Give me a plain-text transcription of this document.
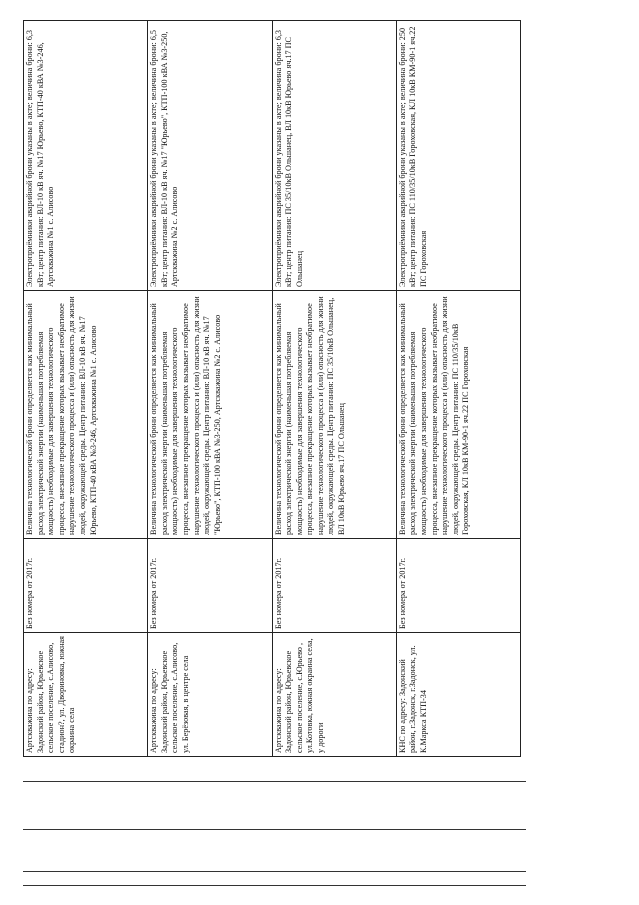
Артскважина по адресу: Задонский район, Юрьевское сельское поселение, с.Алисово, стадион?, ул. Двориновка, южная окраина села	Без номера от 2017г.	Величина технологической брони определяется как минимальный расход электрической энергии (наименьшая потребляемая мощность) необходимые для завершения технологического процесса, внезапное прекращение которых вызывает необратимое нарушение технологического процесса и (или) опасность для жизни людей, окружающей среды. Центр питания: ВЛ-10 кВ яч. №17 Юрьево, КТП-40 кВА №3-246, Артскважина №1 с. Алисово	Электроприёмники аварийной брони указаны в акте; величина брони: 6,3 кВт; центр питания: ВЛ-10 кВ яч. №17 Юрьево, КТП-40 кВА №3-246, Артскважина №1 с. Алисово
Артскважина по адресу: Задонский район, Юрьевское сельское поселение, с.Алисово, ул. Берёзовая, в центре села	Без номера от 2017г.	Величина технологической брони определяется как минимальный расход электрической энергии (наименьшая потребляемая мощность) необходимые для завершения технологического процесса, внезапное прекращение которых вызывает необратимое нарушение технологического процесса и (или) опасность для жизни людей, окружающей среды. Центр питания: ВЛ-10 кВ яч. №17 "Юрьево", КТП-100 кВА №3-250, Артскважина №2 с. Алисово	Электроприёмники аварийной брони указаны в акте; величина брони: 6,5 кВт; центр питания: ВЛ-10 кВ яч. №17 "Юрьево", КТП-100 кВА №3-250, Артскважина №2 с. Алисово
Артскважина по адресу: Задонский район, Юрьевское сельское поселение, с.Юрьево , ул.Котовка, южная окраина села, у дороги	Без номера от 2017г.	Величина технологической брони определяется как минимальный расход электрической энергии (наименьшая потребляемая мощность) необходимые для завершения технологического процесса, внезапное прекращение которых вызывает необратимое нарушение технологического процесса и (или) опасность для жизни людей, окружающей среды. Центр питания: ПС 35/10кВ Ольшанец, ВЛ 10кВ Юрьево яч.17 ПС Ольшанец	Электроприёмники аварийной брони указаны в акте; величина брони: 6,3 кВт; центр питания: ПС 35/10кВ Ольшанец, ВЛ 10кВ Юрьево яч.17 ПС Ольшанец
КНС по адресу: Задонский район, г.Задонск, г.Задонск, ул. К.Маркса КТП-34	Без номера от 2017г.	Величина технологической брони определяется как минимальный расход электрической энергии (наименьшая потребляемая мощность) необходимые для завершения технологического процесса, внезапное прекращение которых вызывает необратимое нарушение технологического процесса и (или) опасность для жизни людей, окружающей среды. Центр питания: ПС 110/35/10кВ Гороховская, КЛ 10кВ КМ-90-1 яч.22 ПС Гороховская	Электроприёмники аварийной брони указаны в акте; величина брони: 250 кВт; центр питания: ПС 110/35/10кВ Гороховская, КЛ 10кВ КМ-90-1 яч.22 ПС Гороховская
